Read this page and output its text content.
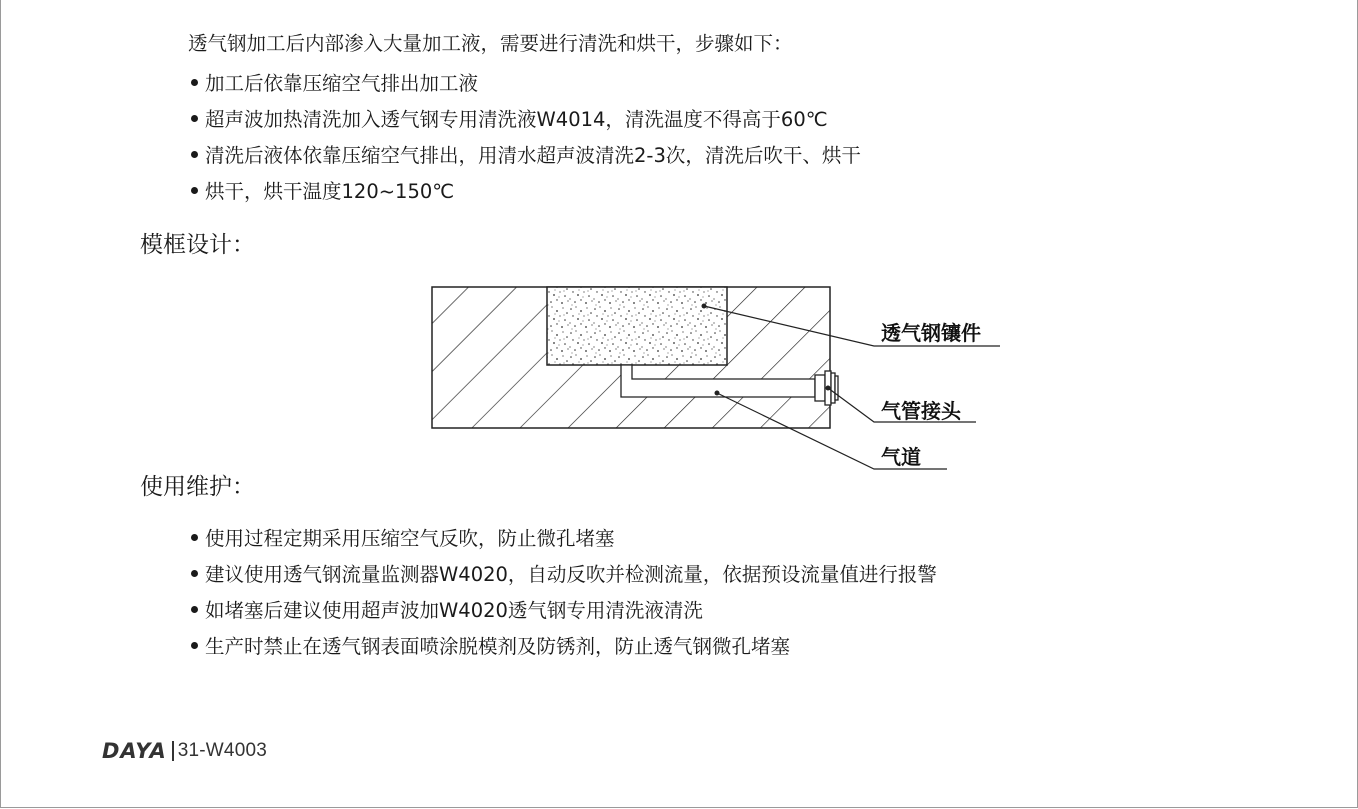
透气钢加工后内部渗入大量加工液，需要进行清洗和烘干，步骤如下：
加工后依靠压缩空气排出加工液
超声波加热清洗加入透气钢专用清洗液W4014，清洗温度不得高于60℃
清洗后液体依靠压缩空气排出，用清水超声波清洗2-3次，清洗后吹干、烘干
烘干，烘干温度120~150℃
模框设计：
透气钢镶件
气管接头
气道
使用维护：
使用过程定期采用压缩空气反吹，防止微孔堵塞
建议使用透气钢流量监测器W4020，自动反吹并检测流量，依据预设流量值进行报警
如堵塞后建议使用超声波加W4020透气钢专用清洗液清洗
生产时禁止在透气钢表面喷涂脱模剂及防锈剂，防止透气钢微孔堵塞
DAYA 31-W4003
